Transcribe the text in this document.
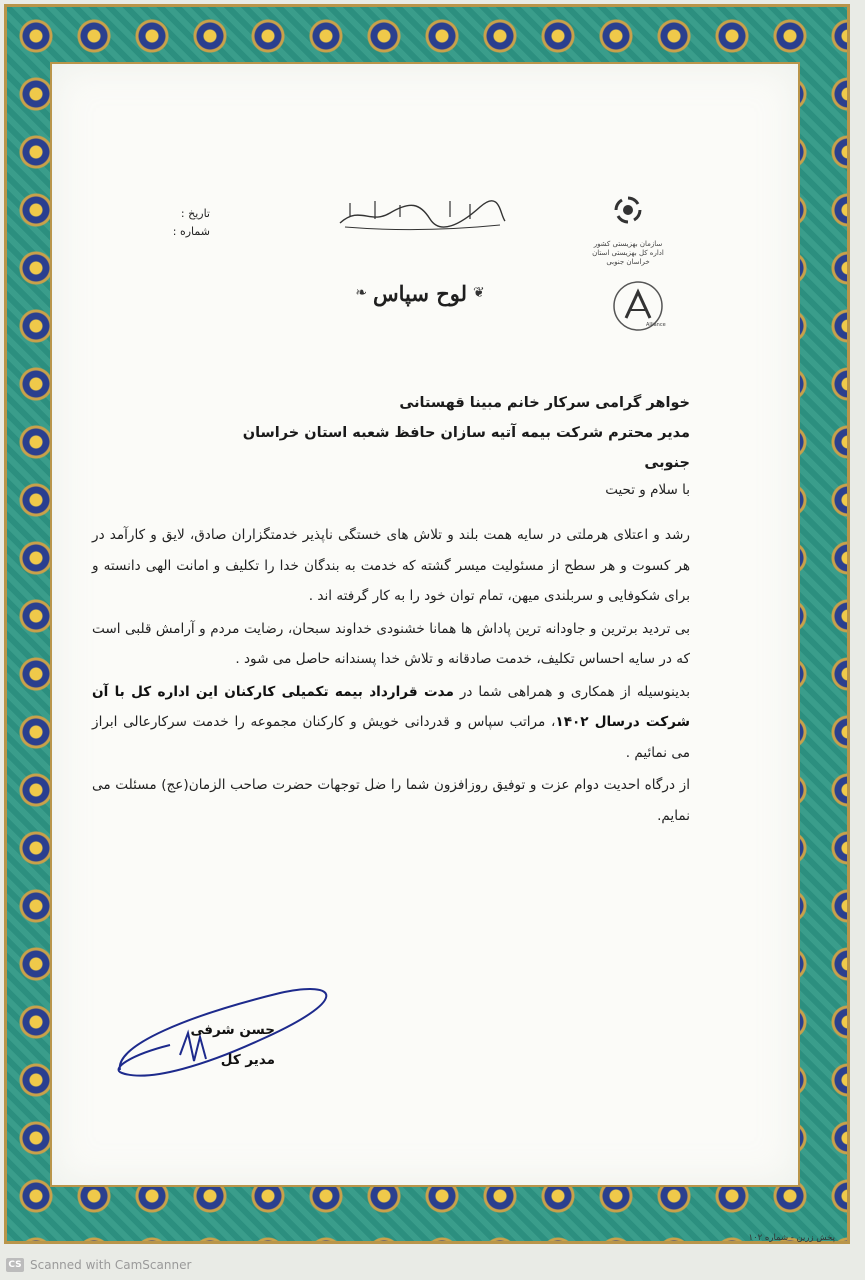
تاریخ :
شماره :
سازمان بهزیستی کشور
اداره کل بهزیستی استان خراسان جنوبی
Alliance
❦
لوح سپاس
❧
خواهر گرامی سرکار خانم مبینا قهستانی
مدیر محترم شرکت بیمه آتیه سازان حافظ شعبه استان خراسان جنوبی
با سلام و تحیت

رشد و اعتلای هرملتی در سایه همت بلند و تلاش های خستگی ناپذیر خدمتگزاران صادق، لایق و کارآمد در هر کسوت و هر سطح از مسئولیت میسر گشته که خدمت به بندگان خدا را تکلیف و امانت الهی دانسته و برای شکوفایی و سربلندی میهن، تمام توان خود را به کار گرفته اند .

بی تردید برترین و جاودانه ترین پاداش ها همانا خشنودی خداوند سبحان، رضایت مردم و آرامش قلبی است که در سایه احساس تکلیف، خدمت صادقانه و تلاش خدا پسندانه حاصل می شود .

بدینوسیله از همکاری و همراهی شما در مدت قرارداد بیمه تکمیلی کارکنان این اداره کل با آن شرکت درسال ۱۴۰۲، مراتب سپاس و قدردانی خویش و کارکنان مجموعه را خدمت سرکارعالی ابراز می نمائیم .

از درگاه احدیت دوام عزت و توفیق روزافزون شما را ضل توجهات حضرت صاحب الزمان(عج) مسئلت می نمایم.

حسن شرفی
مدیر کل
پخش زرین - شماره ۱۰۲
CS Scanned with CamScanner
